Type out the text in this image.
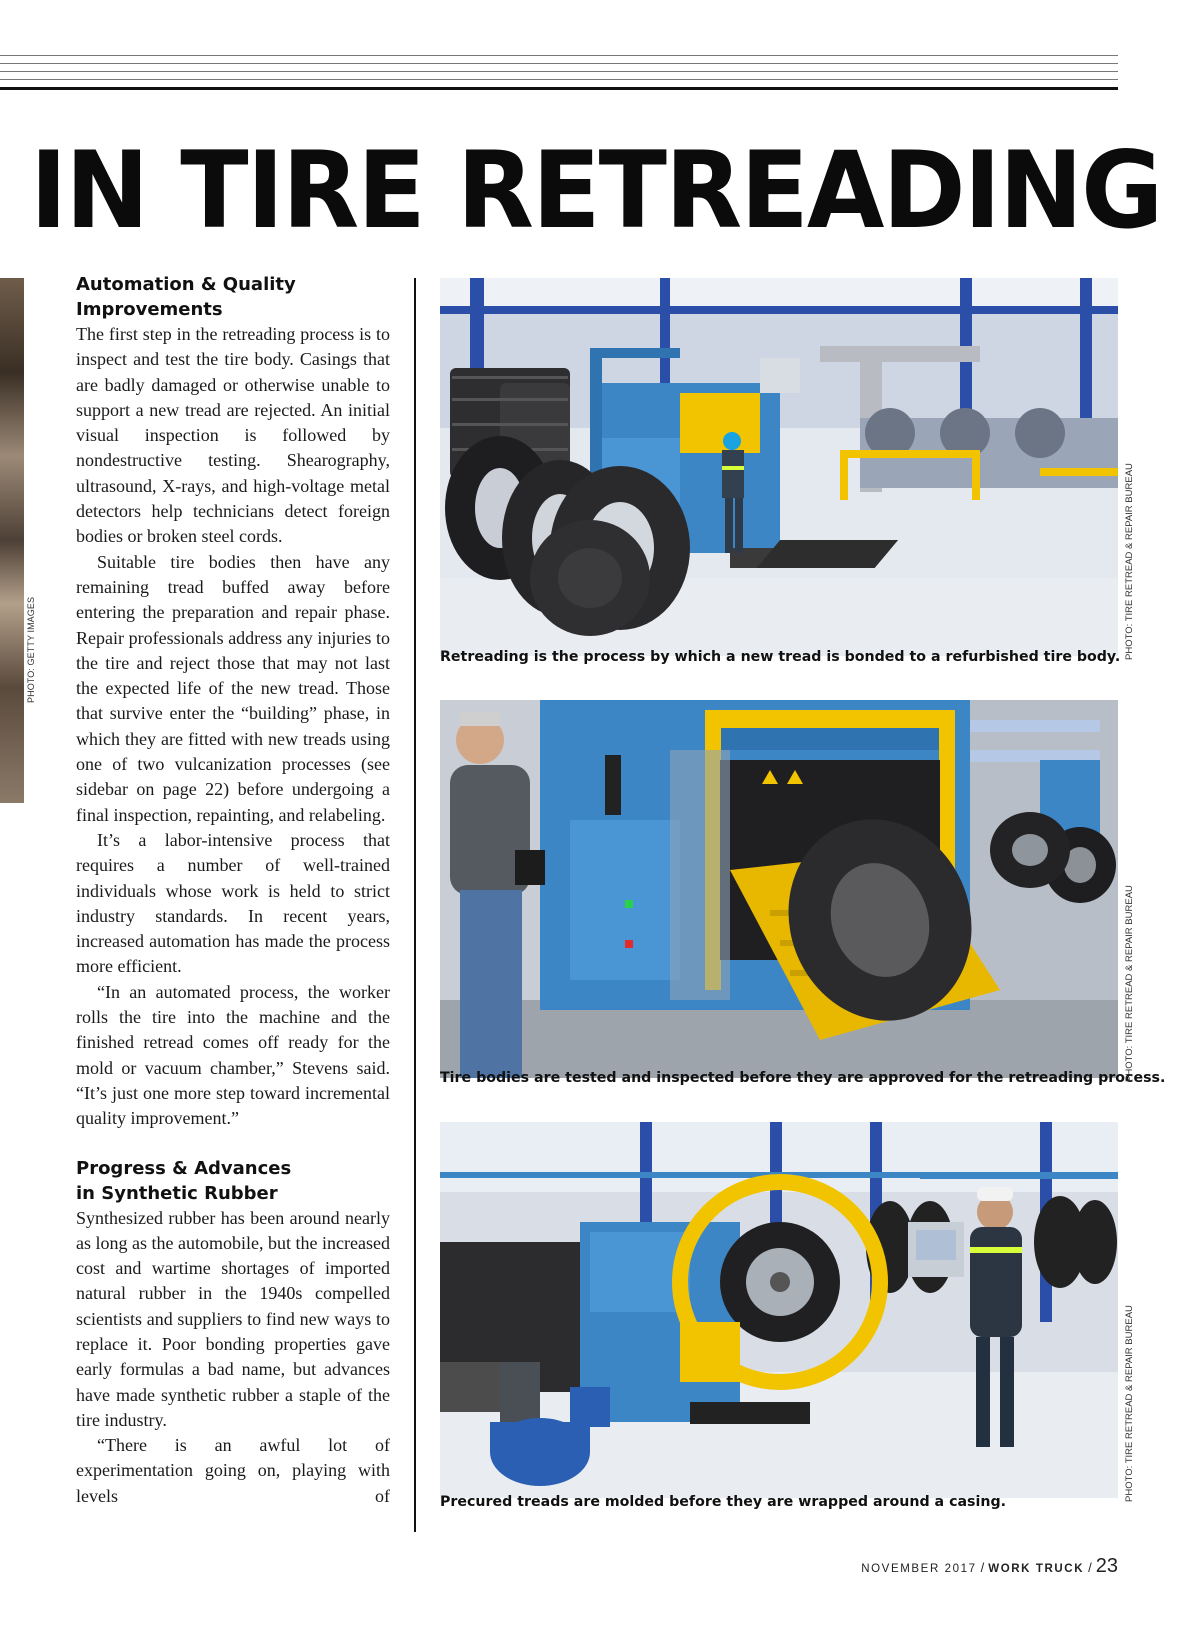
IN TIRE RETREADING
PHOTO: GETTY IMAGES
Automation & Quality
Improvements

The first step in the retreading process is to inspect and test the tire body. Casings that are badly damaged or otherwise unable to support a new tread are rejected. An initial visual inspection is followed by nondestructive testing. Shearography, ultrasound, X-rays, and high-voltage metal detectors help technicians detect foreign bodies or broken steel cords.

Suitable tire bodies then have any remaining tread buffed away before entering the preparation and repair phase. Repair professionals address any injuries to the tire and reject those that may not last the expected life of the new tread. Those that survive enter the “building” phase, in which they are fitted with new treads using one of two vulcanization processes (see sidebar on page 22) before undergoing a final inspection, repainting, and relabeling.

It’s a labor-intensive process that requires a number of well-trained individuals whose work is held to strict industry standards. In recent years, increased automation has made the process more efficient.

“In an automated process, the worker rolls the tire into the machine and the finished retread comes off ready for the mold or vacuum chamber,” Stevens said. “It’s just one more step toward incremental quality improvement.”

Progress & Advances
in Synthetic Rubber

Synthesized rubber has been around nearly as long as the automobile, but the increased cost and wartime shortages of imported natural rubber in the 1940s compelled scientists and suppliers to find new ways to replace it. Poor bonding properties gave early formulas a bad name, but advances have made synthetic rubber a staple of the tire industry.

“There is an awful lot of experimentation going on, playing with levels of

Retreading is the process by which a new tread is bonded to a refurbished tire body. PHOTO: TIRE RETREAD & REPAIR BUREAU
Tire bodies are tested and inspected before they are approved for the retreading process.
PHOTO: TIRE RETREAD & REPAIR BUREAU
Precured treads are molded before they are wrapped around a casing.	PHOTO: TIRE RETREAD & REPAIR BUREAU
NOVEMBER 2017 / WORK TRUCK / 23
